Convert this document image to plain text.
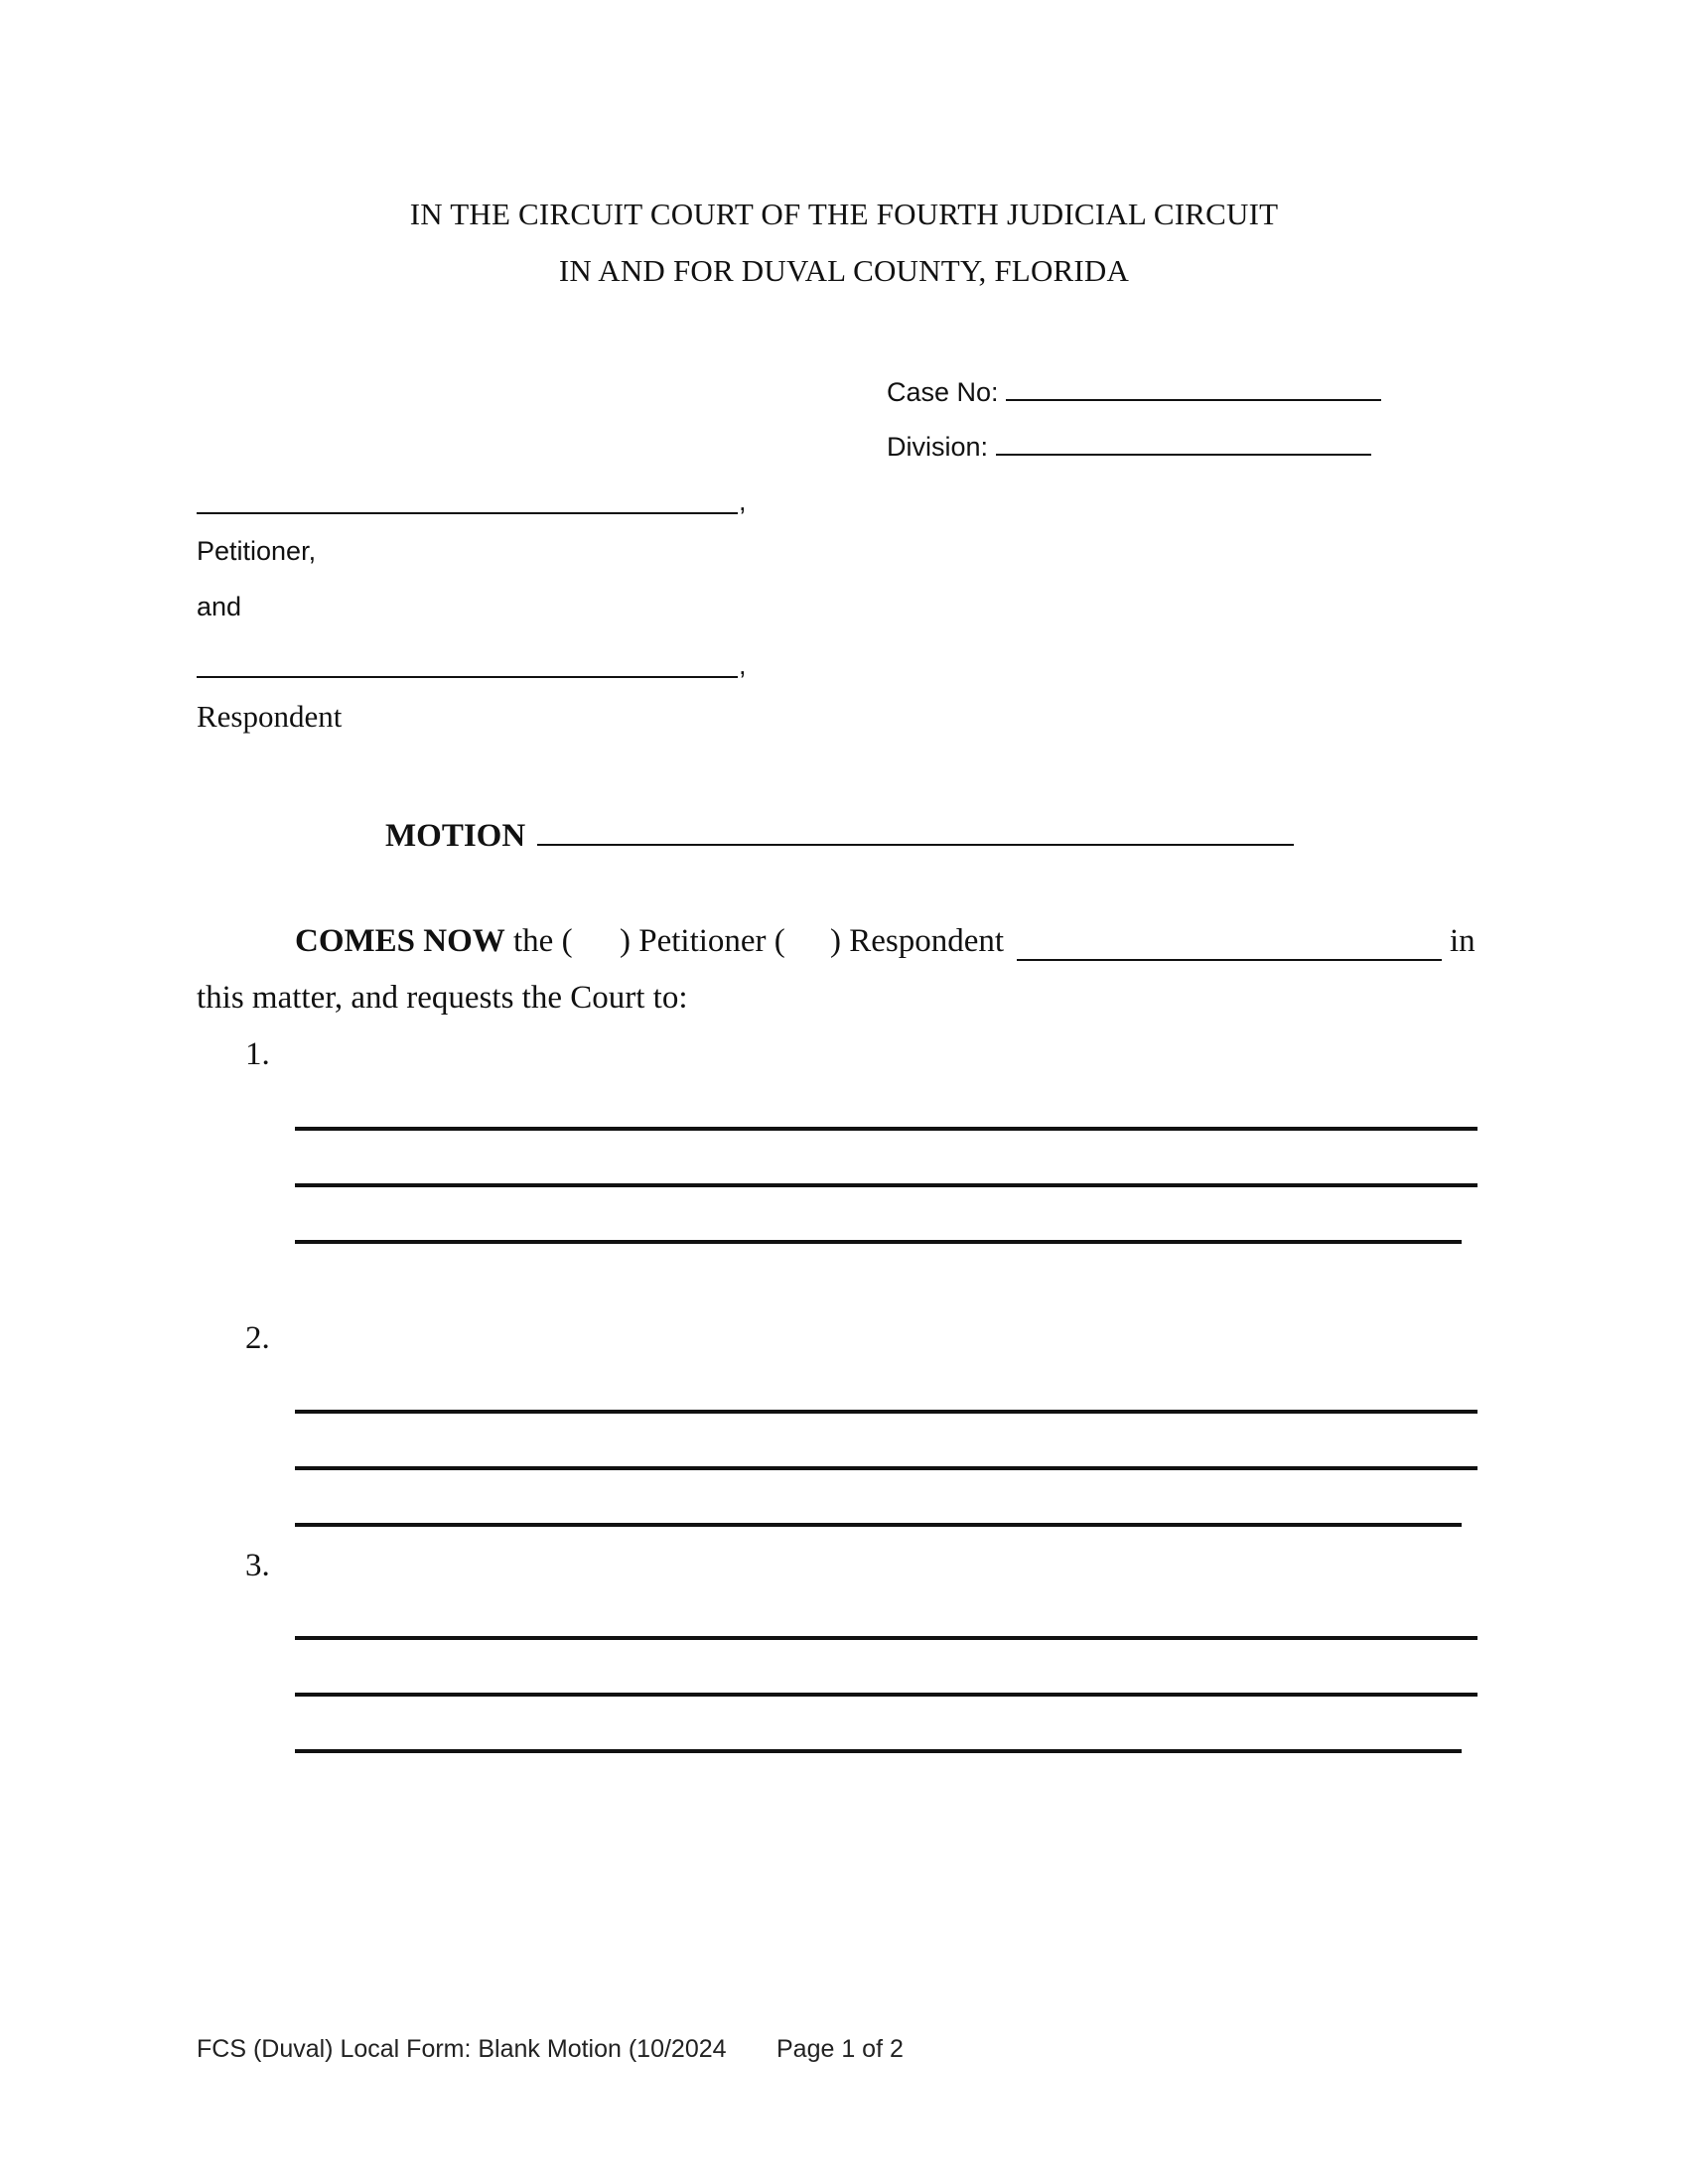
IN THE CIRCUIT COURT OF THE FOURTH JUDICIAL CIRCUIT
IN AND FOR DUVAL COUNTY, FLORIDA
Case No:
Division:
,
Petitioner,
and
,
Respondent
MOTION
COMES NOW the ( ) Petitioner ( ) Respondent	in
this matter, and requests the Court to:
1.
2.
3.
FCS (Duval) Local Form: Blank Motion (10/2024 Page 1 of 2
